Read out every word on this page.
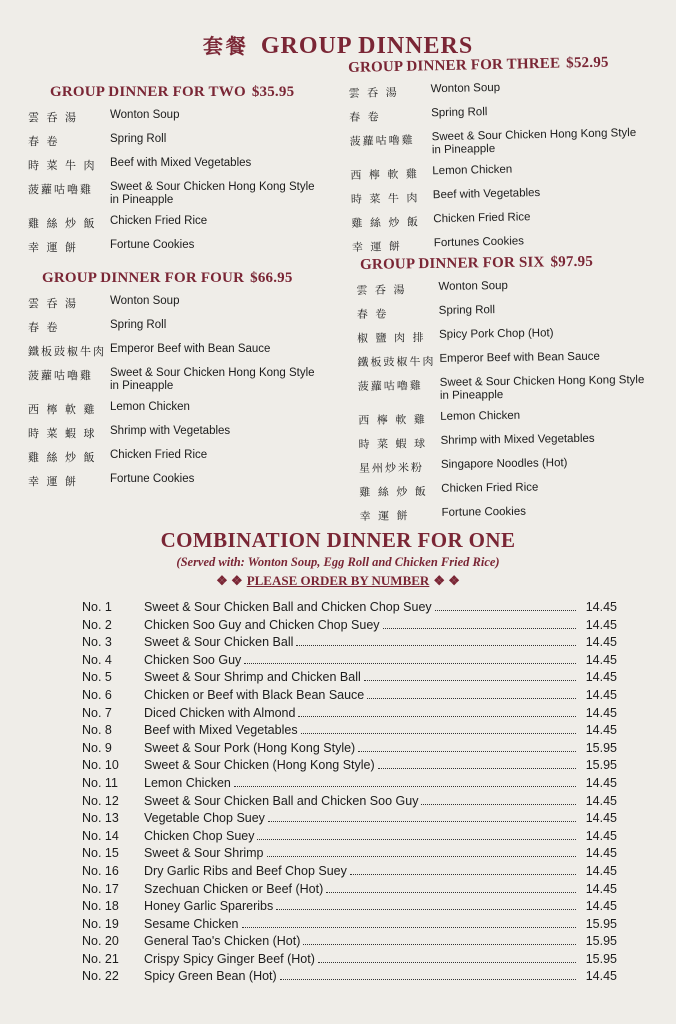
套餐 GROUP DINNERS
GROUP DINNER FOR TWO $35.95
雲 呑 湯	Wonton Soup
春 卷	Spring Roll
時 菜 牛 肉	Beef with Mixed Vegetables
菠蘿咕嚕雞	Sweet & Sour Chicken Hong Kong Style in Pineapple
雞 絲 炒 飯	Chicken Fried Rice
幸 運 餅	Fortune Cookies
GROUP DINNER FOR THREE $52.95
雲 呑 湯	Wonton Soup
春 卷	Spring Roll
菠蘿咕嚕雞	Sweet & Sour Chicken Hong Kong Style in Pineapple
西 檸 軟 雞	Lemon Chicken
時 菜 牛 肉	Beef with Vegetables
雞 絲 炒 飯	Chicken Fried Rice
幸 運 餅	Fortunes Cookies
GROUP DINNER FOR FOUR $66.95
雲 呑 湯	Wonton Soup
春 卷	Spring Roll
鐵板豉椒牛肉 Emperor Beef with Bean Sauce
菠蘿咕嚕雞	Sweet & Sour Chicken Hong Kong Style in Pineapple
西 檸 軟 雞	Lemon Chicken
時 菜 蝦 球	Shrimp with Vegetables
雞 絲 炒 飯	Chicken Fried Rice
幸 運 餅	Fortune Cookies
GROUP DINNER FOR SIX $97.95
雲 呑 湯	Wonton Soup
春 卷	Spring Roll
椒 鹽 肉 排	Spicy Pork Chop (Hot)
鐵板豉椒牛肉 Emperor Beef with Bean Sauce
菠蘿咕嚕雞	Sweet & Sour Chicken Hong Kong Style in Pineapple
西 檸 軟 雞	Lemon Chicken
時 菜 蝦 球	Shrimp with Mixed Vegetables
星州炒米粉	Singapore Noodles (Hot)
雞 絲 炒 飯	Chicken Fried Rice
幸 運 餅	Fortune Cookies
COMBINATION DINNER FOR ONE
(Served with: Wonton Soup, Egg Roll and Chicken Fried Rice)
❖ ❖ PLEASE ORDER BY NUMBER ❖ ❖
No. 1	Sweet & Sour Chicken Ball and Chicken Chop Suey	14.45
No. 2	Chicken Soo Guy and Chicken Chop Suey	14.45
No. 3	Sweet & Sour Chicken Ball	14.45
No. 4	Chicken Soo Guy	14.45
No. 5	Sweet & Sour Shrimp and Chicken Ball	14.45
No. 6	Chicken or Beef with Black Bean Sauce	14.45
No. 7	Diced Chicken with Almond	14.45
No. 8	Beef with Mixed Vegetables	14.45
No. 9	Sweet & Sour Pork (Hong Kong Style)	15.95
No. 10	Sweet & Sour Chicken (Hong Kong Style)	15.95
No. 11	Lemon Chicken	14.45
No. 12	Sweet & Sour Chicken Ball and Chicken Soo Guy	14.45
No. 13	Vegetable Chop Suey	14.45
No. 14	Chicken Chop Suey	14.45
No. 15	Sweet & Sour Shrimp	14.45
No. 16	Dry Garlic Ribs and Beef Chop Suey	14.45
No. 17	Szechuan Chicken or Beef (Hot)	14.45
No. 18	Honey Garlic Spareribs	14.45
No. 19	Sesame Chicken	15.95
No. 20	General Tao's Chicken (Hot)	15.95
No. 21	Crispy Spicy Ginger Beef (Hot)	15.95
No. 22	Spicy Green Bean (Hot)	14.45
